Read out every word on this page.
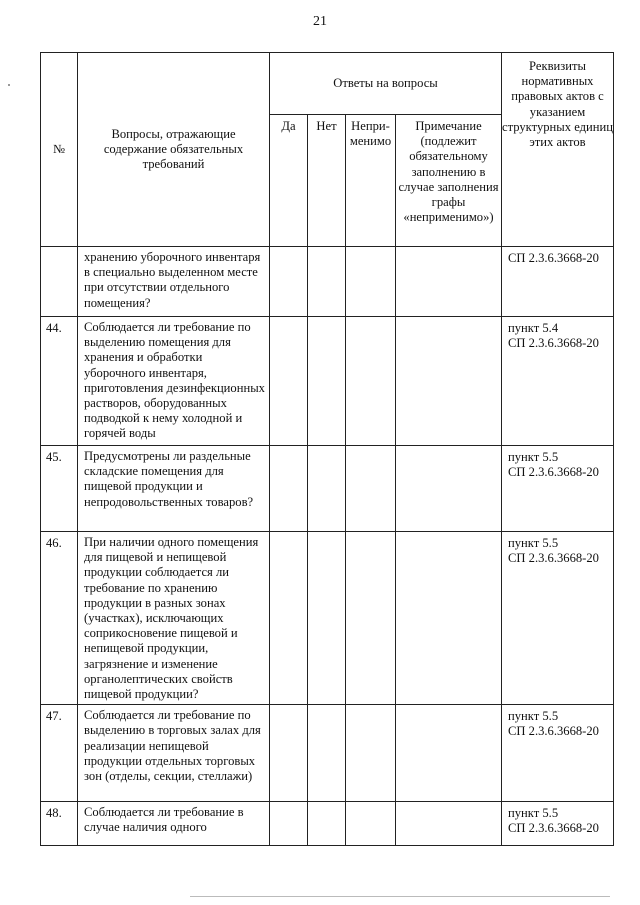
21
№	Вопросы, отражающие содержание обязательных требований	Ответы на вопросы				Реквизиты нормативных правовых актов с указанием структурных единиц этих актов
		Да	Нет	Непри-
менимо	Примечание (подлежит обязательному заполнению в случае заполнения графы «неприменимо»)	
	хранению уборочного инвентаря в специально выделенном месте при отсутствии отдельного помещения?					СП 2.3.6.3668-20
44.	Соблюдается ли требование по выделению помещения для хранения и обработки уборочного инвентаря, приготовления дезинфекционных растворов, оборудованных подводкой к нему холодной и горячей воды					пункт 5.4
СП 2.3.6.3668-20
45.	Предусмотрены ли раздельные складские помещения для пищевой продукции и непродовольственных товаров?					пункт 5.5
СП 2.3.6.3668-20
46.	При наличии одного помещения для пищевой и непищевой продукции соблюдается ли требование по хранению продукции в разных зонах (участках), исключающих соприкосновение пищевой и непищевой продукции, загрязнение и изменение органолептических свойств пищевой продукции?					пункт 5.5
СП 2.3.6.3668-20
47.	Соблюдается ли требование по выделению в торговых залах для реализации непищевой продукции отдельных торговых зон (отделы, секции, стеллажи)					пункт 5.5
СП 2.3.6.3668-20
48.	Соблюдается ли требование в случае наличия одного					пункт 5.5
СП 2.3.6.3668-20
